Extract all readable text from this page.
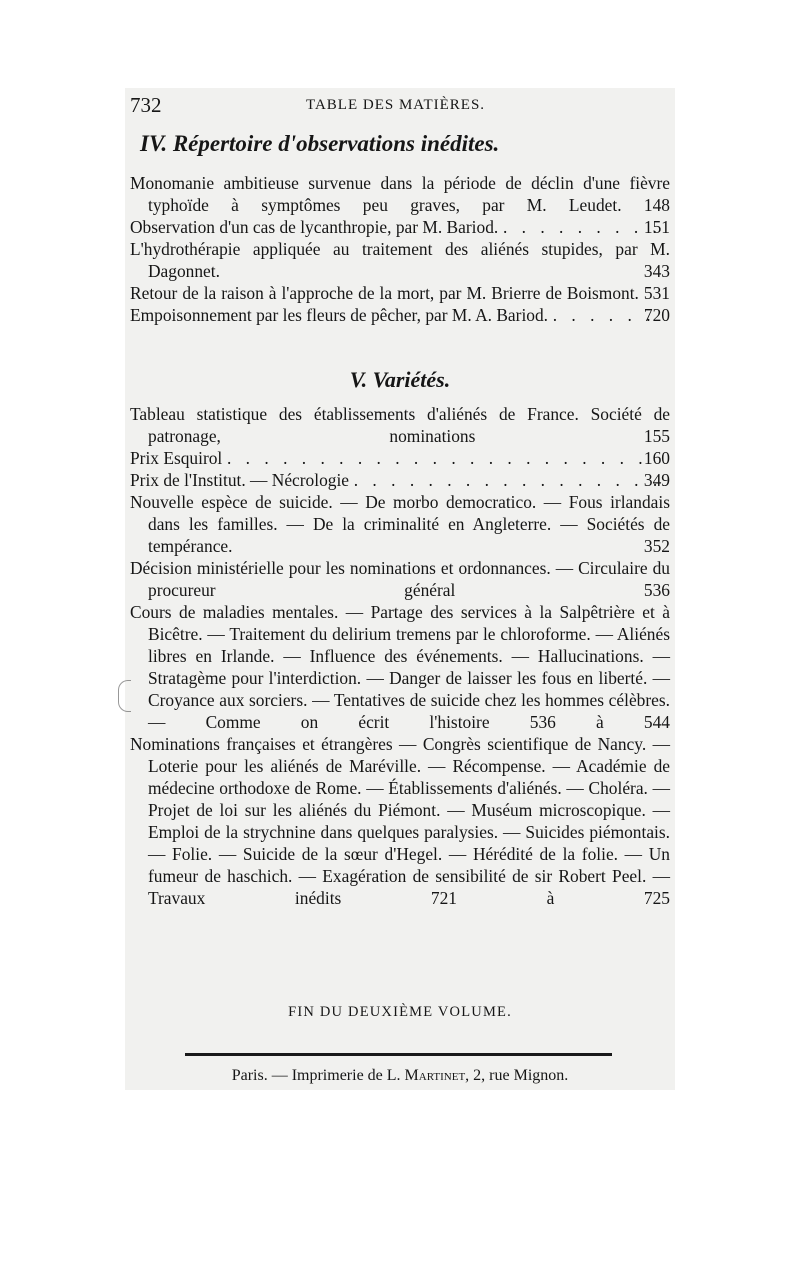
732	TABLE DES MATIÈRES.
IV. Répertoire d'observations inédites.
Monomanie ambitieuse survenue dans la période de déclin d'une fièvre typhoïde à symptômes peu graves, par M. Leudet. 148
Observation d'un cas de lycanthropie, par M. Bariod. . . .	151
L'hydrothérapie appliquée au traitement des aliénés stupides, par M. Dagonnet.	343
Retour de la raison à l'approche de la mort, par M. Brierre de Boismont. 531
Empoisonnement par les fleurs de pêcher, par M. A. Bariod. . . .	720
V. Variétés.
Tableau statistique des établissements d'aliénés de France. Société de patronage, nominations	155
Prix Esquirol . . .	160
Prix de l'Institut. — Nécrologie . . .	349
Nouvelle espèce de suicide. — De morbo democratico. — Fous irlandais dans les familles. — De la criminalité en Angleterre. — Sociétés de tempérance.	352
Décision ministérielle pour les nominations et ordonnances. — Circulaire du procureur général	536
Cours de maladies mentales. — Partage des services à la Salpêtrière et à Bicêtre. — Traitement du delirium tremens par le chloroforme. — Aliénés libres en Irlande. — Influence des événements. — Hallucinations. — Stratagème pour l'interdiction. — Danger de laisser les fous en liberté. — Croyance aux sorciers. — Tentatives de suicide chez les hommes célèbres. — Comme on écrit l'histoire 536 à 544
Nominations françaises et étrangères — Congrès scientifique de Nancy. — Loterie pour les aliénés de Maréville. — Récompense. — Académie de médecine orthodoxe de Rome. — Établissements d'aliénés. — Choléra. — Projet de loi sur les aliénés du Piémont. — Muséum microscopique. — Emploi de la strychnine dans quelques paralysies. — Suicides piémontais. — Folie. — Suicide de la sœur d'Hegel. — Hérédité de la folie. — Un fumeur de haschich. — Exagération de sensibilité de sir Robert Peel. — Travaux inédits	721 à 725
FIN DU DEUXIÈME VOLUME.
Paris. — Imprimerie de L. Martinet, 2, rue Mignon.
